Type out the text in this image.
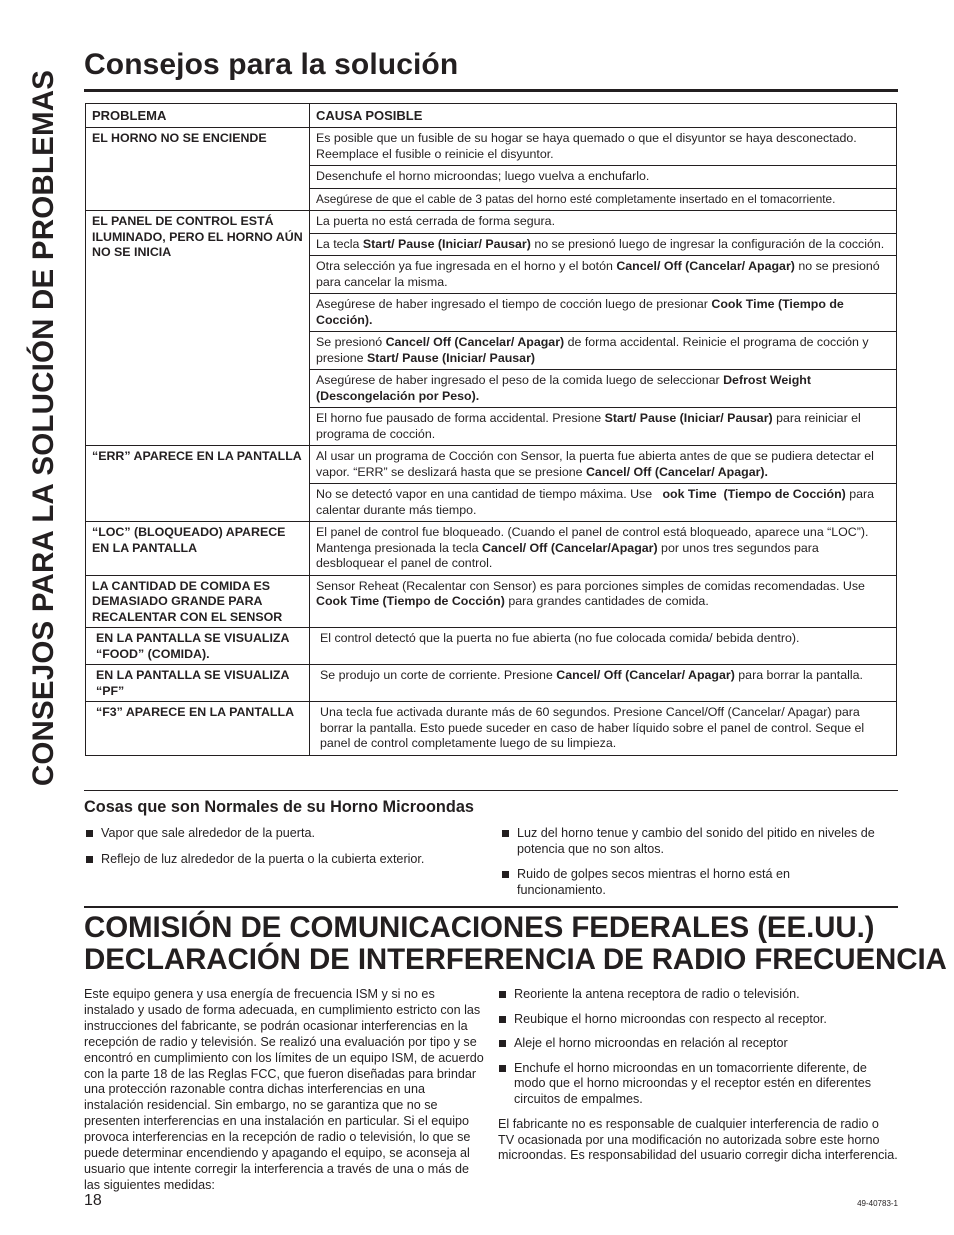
CONSEJOS PARA LA SOLUCIÓN DE PROBLEMAS
Consejos para la solución
PROBLEMA	CAUSA POSIBLE
EL HORNO NO SE ENCIENDE	Es posible que un fusible de su hogar se haya quemado o que el disyuntor se haya desconectado. Reemplace el fusible o reinicie el disyuntor.
	Desenchufe el horno microondas; luego vuelva a enchufarlo.
	Asegúrese de que el cable de 3 patas del horno esté completamente insertado en el tomacorriente.
EL PANEL DE CONTROL ESTÁ ILUMINADO, PERO EL HORNO AÚN NO SE INICIA	La puerta no está cerrada de forma segura.
	La tecla Start/ Pause (Iniciar/ Pausar) no se presionó luego de ingresar la configuración de la cocción.
	Otra selección ya fue ingresada en el horno y el botón Cancel/ Off (Cancelar/ Apagar) no se presionó para cancelar la misma.
	Asegúrese de haber ingresado el tiempo de cocción luego de presionar Cook Time (Tiempo de Cocción).
	Se presionó Cancel/ Off (Cancelar/ Apagar) de forma accidental. Reinicie el programa de cocción y presione Start/ Pause (Iniciar/ Pausar)
	Asegúrese de haber ingresado el peso de la comida luego de seleccionar Defrost Weight (Descongelación por Peso).
	El horno fue pausado de forma accidental. Presione Start/ Pause (Iniciar/ Pausar) para reiniciar el programa de cocción.
“ERR” APARECE EN LA PANTALLA	Al usar un programa de Cocción con Sensor, la puerta fue abierta antes de que se pudiera detectar el vapor. “ERR” se deslizará hasta que se presione Cancel/ Off (Cancelar/ Apagar).
	No se detectó vapor en una cantidad de tiempo máxima. Use   ook Time  (Tiempo de Cocción) para calentar durante más tiempo.
“LOC” (BLOQUEADO) APARECE EN LA PANTALLA	El panel de control fue bloqueado. (Cuando el panel de control está bloqueado, aparece una “LOC”). Mantenga presionada la tecla Cancel/ Off (Cancelar/Apagar) por unos tres segundos para desbloquear el panel de control.
LA CANTIDAD DE COMIDA ES DEMASIADO GRANDE PARA RECALENTAR CON EL SENSOR	Sensor Reheat (Recalentar con Sensor) es para porciones simples de comidas recomendadas. Use Cook Time (Tiempo de Cocción) para grandes cantidades de comida.
EN LA PANTALLA SE VISUALIZA “FOOD” (COMIDA).	El control detectó que la puerta no fue abierta (no fue colocada comida/ bebida dentro).
EN LA PANTALLA SE VISUALIZA “PF”	Se produjo un corte de corriente. Presione Cancel/ Off (Cancelar/ Apagar) para borrar la pantalla.
“F3” APARECE EN LA PANTALLA	Una tecla fue activada durante más de 60 segundos. Presione Cancel/Off (Cancelar/ Apagar) para borrar la pantalla. Esto puede suceder en caso de haber líquido sobre el panel de control. Seque el panel de control completamente luego de su limpieza.
Cosas que son Normales de su Horno Microondas
Vapor que sale alrededor de la puerta.
Reflejo de luz alrededor de la puerta o la cubierta exterior.
Luz del horno tenue y cambio del sonido del pitido en niveles de potencia que no son altos.
Ruido de golpes secos mientras el horno está en funcionamiento.
COMISIÓN DE COMUNICACIONES FEDERALES (EE.UU.)
DECLARACIÓN DE INTERFERENCIA DE RADIO FRECUENCIA

Este equipo genera y usa energía de frecuencia ISM y si no es instalado y usado de forma adecuada, en cumplimiento estricto con las instrucciones del fabricante, se podrán ocasionar interferencias en la recepción de radio y televisión. Se realizó una evaluación por tipo y se encontró en cumplimiento con los límites de un equipo ISM, de acuerdo con la parte 18 de las Reglas FCC, que fueron diseñadas para brindar una protección razonable contra dichas interferencias en una instalación residencial. Sin embargo, no se garantiza que no se presenten interferencias en una instalación en particular. Si el equipo provoca interferencias en la recepción de radio o televisión, lo que se puede determinar encendiendo y apagando el equipo, se aconseja al usuario que intente corregir la interferencia a través de una o más de las siguientes medidas:

Reoriente la antena receptora de radio o televisión.
Reubique el horno microondas con respecto al receptor.
Aleje el horno microondas en relación al receptor
Enchufe el horno microondas en un tomacorriente diferente, de modo que el horno microondas y el receptor estén en diferentes circuitos de empalmes.

El fabricante no es responsable de cualquier interferencia de radio o TV ocasionada por una modificación no autorizada sobre este horno microondas. Es responsabilidad del usuario corregir dicha interferencia.

18	49-40783-1
